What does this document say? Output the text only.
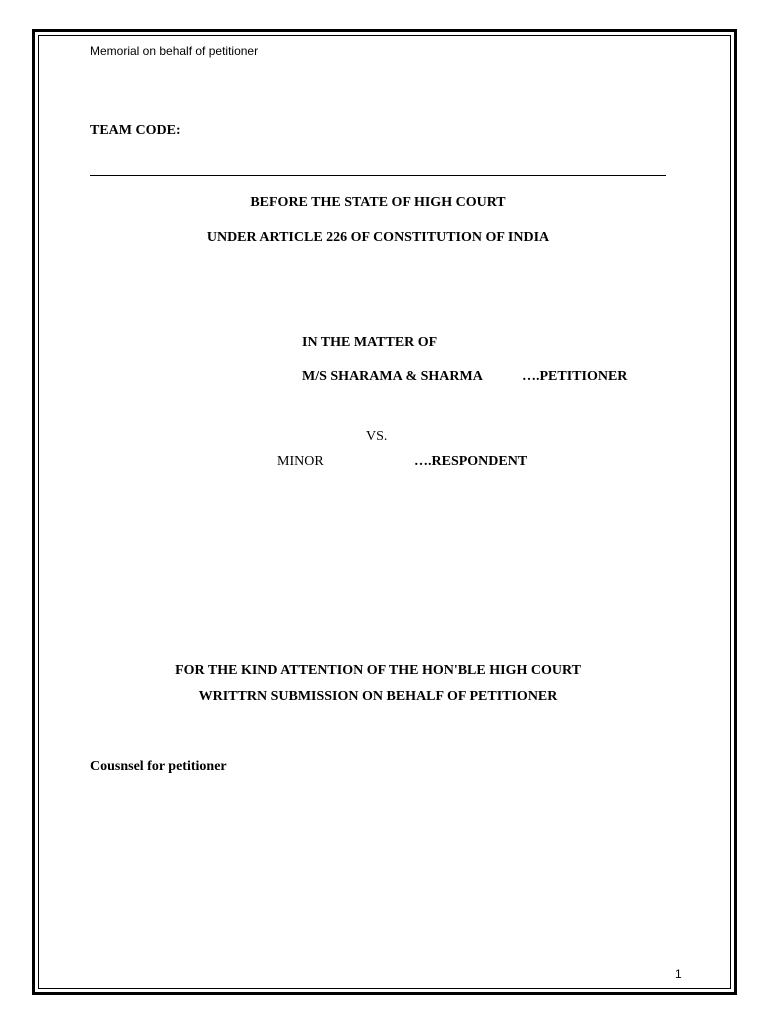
Memorial on behalf of petitioner
TEAM CODE:
BEFORE THE STATE OF HIGH COURT
UNDER ARTICLE 226 OF CONSTITUTION OF INDIA
IN THE MATTER OF
M/S SHARAMA & SHARMA	….PETITIONER
VS.
MINOR	….RESPONDENT
FOR THE KIND ATTENTION OF THE HON'BLE HIGH COURT
WRITTRN SUBMISSION ON BEHALF OF PETITIONER
Cousnsel for petitioner
1
